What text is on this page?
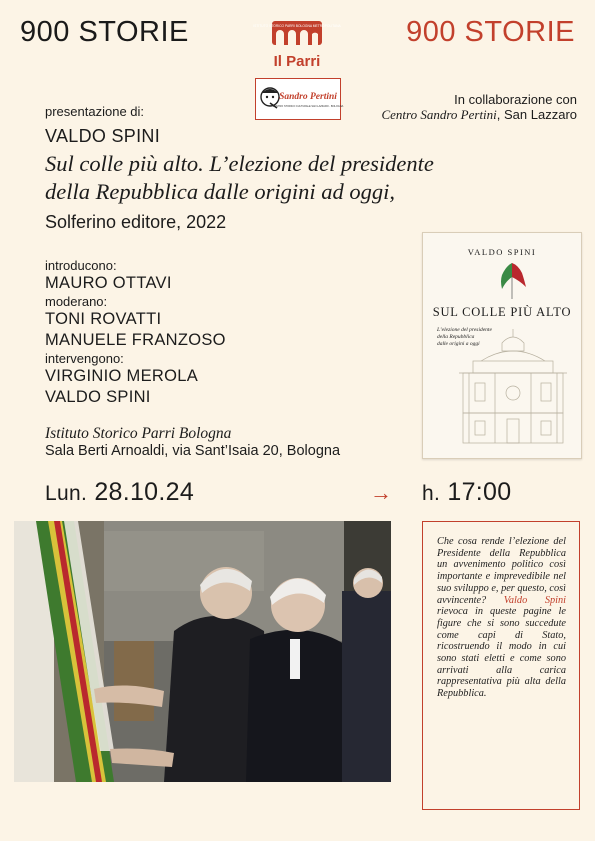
900 STORIE	900 STORIE
ISTITUTO STORICO PARRI BOLOGNA METROPOLITANA
Il Parri
Sandro Pertini
CENTRO STORICO CULTURALE SAN LAZZARO - BOLOGNA	In collaborazione con
Centro Sandro Pertini, San Lazzaro
presentazione di:
VALDO SPINI
Sul colle più alto. L’elezione del presidente
della Repubblica dalle origini ad oggi,
Solferino editore, 2022
introducono:
MAURO OTTAVI
moderano:
TONI ROVATTI
MANUELE FRANZOSO
intervengono:
VIRGINIO MEROLA
VALDO SPINI
Istituto Storico Parri Bologna
Sala Berti Arnoaldi, via Sant’Isaia 20, Bologna
Lun. 28.10.24	→ h. 17:00
VALDO SPINI
SUL COLLE PIÙ ALTO
L’elezione del presidente
della Repubblica
dalle origini a oggi
Che cosa rende l’elezione del Presidente della Repubblica un avvenimento politico così importante e imprevedibile nel suo sviluppo e, per questo, così avvincente? Valdo Spini rievoca in queste pagine le figure che si sono succedute come capi di Stato, ricostruendo il modo in cui sono stati eletti e come sono arrivati alla carica rappresentativa più alta della Repubblica.
